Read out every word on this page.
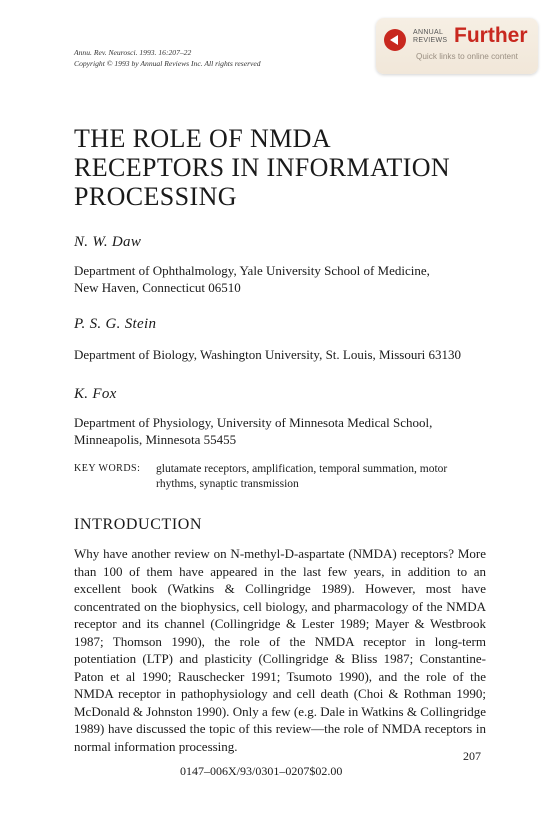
Annu. Rev. Neurosci. 1993. 16:207–22
Copyright © 1993 by Annual Reviews Inc. All rights reserved
ANNUAL
REVIEWS Further
Quick links to online content
THE ROLE OF NMDA
RECEPTORS IN INFORMATION
PROCESSING
N. W. Daw
Department of Ophthalmology, Yale University School of Medicine,
New Haven, Connecticut 06510
P. S. G. Stein
Department of Biology, Washington University, St. Louis, Missouri 63130
K. Fox
Department of Physiology, University of Minnesota Medical School,
Minneapolis, Minnesota 55455
KEY WORDS: glutamate receptors, amplification, temporal summation, motor rhythms, synaptic transmission
INTRODUCTION
Why have another review on N-methyl-D-aspartate (NMDA) receptors? More than 100 of them have appeared in the last few years, in addition to an excellent book (Watkins & Collingridge 1989). However, most have concentrated on the biophysics, cell biology, and pharmacology of the NMDA receptor and its channel (Collingridge & Lester 1989; Mayer & Westbrook 1987; Thomson 1990), the role of the NMDA receptor in long-term potentiation (LTP) and plasticity (Collingridge & Bliss 1987; Constantine-Paton et al 1990; Rauschecker 1991; Tsumoto 1990), and the role of the NMDA receptor in pathophysiology and cell death (Choi & Rothman 1990; McDonald & Johnston 1990). Only a few (e.g. Dale in Watkins & Collingridge 1989) have discussed the topic of this review—the role of NMDA receptors in normal information processing.
207
0147–006X/93/0301–0207$02.00
